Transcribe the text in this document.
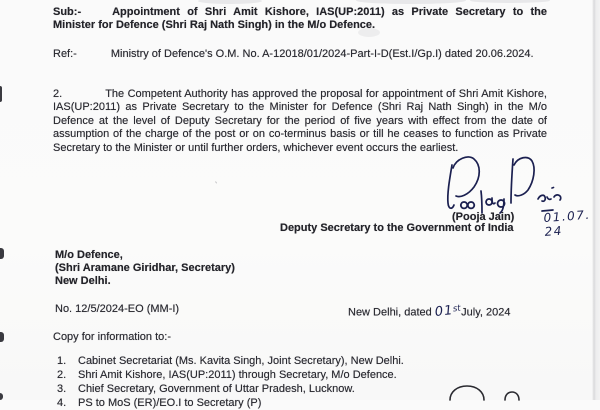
`
Sub:-	Appointment of Shri Amit Kishore, IAS(UP:2011) as Private Secretary to the Minister for Defence (Shri Raj Nath Singh) in the M/o Defence.
Ref:-	Ministry of Defence's O.M. No. A-12018/01/2024-Part-I-D(Est.I/Gp.I) dated 20.06.2024.
2.	The Competent Authority has approved the proposal for appointment of Shri Amit Kishore, IAS(UP:2011) as Private Secretary to the Minister for Defence (Shri Raj Nath Singh) in the M/o Defence at the level of Deputy Secretary for the period of five years with effect from the date of assumption of the charge of the post or on co-terminus basis or till he ceases to function as Private Secretary to the Minister or until further orders, whichever event occurs the earliest.
(Pooja Jain) 01.07. 24
Deputy Secretary to the Government of India
M/o Defence,
(Shri Aramane Giridhar, Secretary)
New Delhi.
No. 12/5/2024-EO (MM-I)	New Delhi, dated 01stJuly, 2024
Copy for information to:-
1. Cabinet Secretariat (Ms. Kavita Singh, Joint Secretary), New Delhi.
2. Shri Amit Kishore, IAS(UP:2011) through Secretary, M/o Defence.
3. Chief Secretary, Government of Uttar Pradesh, Lucknow.
4. PS to MoS (ER)/EO.I to Secretary (P)
